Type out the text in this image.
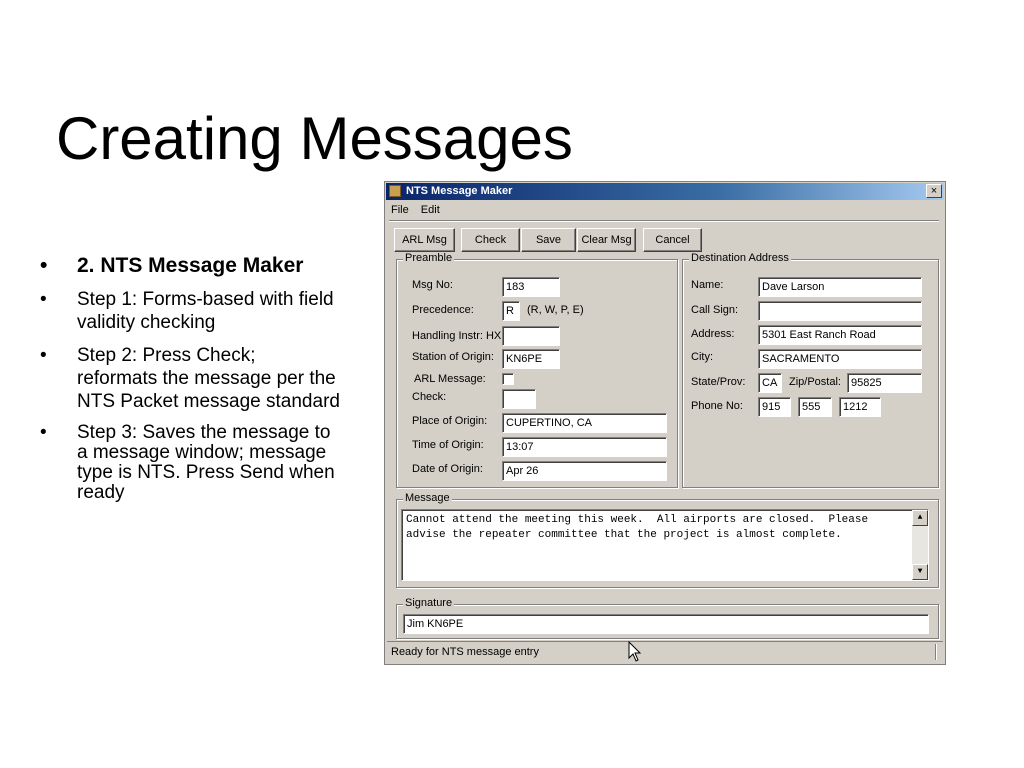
Creating Messages
• 2. NTS Message Maker
• Step 1: Forms-based with field validity checking
• Step 2: Press Check; reformats the message per the NTS Packet message standard
• Step 3: Saves the message to a message window; message type is NTS. Press Send when ready
NTS Message Maker	×
File Edit
ARL Msg	Check	Save	Clear Msg	Cancel
Preamble
Msg No:	183
Precedence:	R	(R, W, P, E)
Handling Instr: HX
Station of Origin:	KN6PE
ARL Message:
Check:
Place of Origin:	CUPERTINO, CA
Time of Origin:	13:07
Date of Origin:	Apr 26
Destination Address
Name:	Dave Larson
Call Sign:
Address:	5301 East Ranch Road
City:	SACRAMENTO
State/Prov:	CA	Zip/Postal: 95825
Phone No:	915	555	1212
Message
Cannot attend the meeting this week.  All airports are closed.  Please
advise the repeater committee that the project is almost complete.
▲
▼
Signature
Jim KN6PE
Ready for NTS message entry
